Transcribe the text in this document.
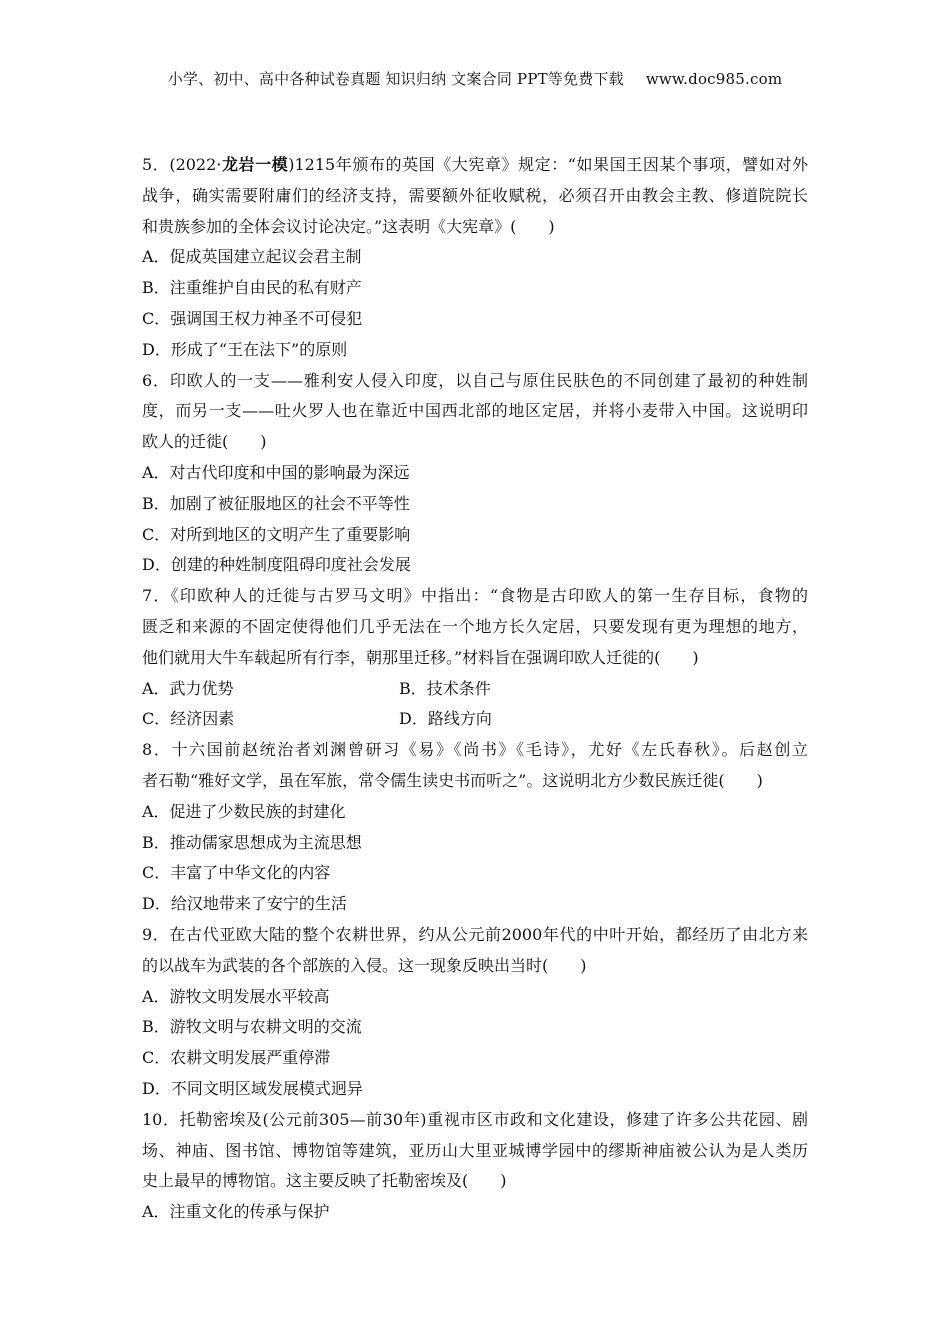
小学、初中、高中各种试卷真题 知识归纳 文案合同 PPT等免费下载 www.doc985.com
5．(2022·龙岩一模)1215年颁布的英国《大宪章》规定：“如果国王因某个事项，譬如对外
战争，确实需要附庸们的经济支持，需要额外征收赋税，必须召开由教会主教、修道院院长
和贵族参加的全体会议讨论决定。”这表明《大宪章》(　　)
A．促成英国建立起议会君主制
B．注重维护自由民的私有财产
C．强调国王权力神圣不可侵犯
D．形成了“王在法下”的原则
6．印欧人的一支——雅利安人侵入印度，以自己与原住民肤色的不同创建了最初的种姓制
度，而另一支——吐火罗人也在靠近中国西北部的地区定居，并将小麦带入中国。这说明印
欧人的迁徙(　　)
A．对古代印度和中国的影响最为深远
B．加剧了被征服地区的社会不平等性
C．对所到地区的文明产生了重要影响
D．创建的种姓制度阻碍印度社会发展
7．《印欧种人的迁徙与古罗马文明》中指出：“食物是古印欧人的第一生存目标，食物的
匮乏和来源的不固定使得他们几乎无法在一个地方长久定居，只要发现有更为理想的地方，
他们就用大牛车载起所有行李，朝那里迁移。”材料旨在强调印欧人迁徙的(　　)
A．武力优势	B．技术条件
C．经济因素	D．路线方向
8．十六国前赵统治者刘渊曾研习《易》《尚书》《毛诗》，尤好《左氏春秋》。后赵创立
者石勒“雅好文学，虽在军旅，常令儒生读史书而听之”。这说明北方少数民族迁徙(　　)
A．促进了少数民族的封建化
B．推动儒家思想成为主流思想
C．丰富了中华文化的内容
D．给汉地带来了安宁的生活
9．在古代亚欧大陆的整个农耕世界，约从公元前2000年代的中叶开始，都经历了由北方来
的以战车为武装的各个部族的入侵。这一现象反映出当时(　　)
A．游牧文明发展水平较高
B．游牧文明与农耕文明的交流
C．农耕文明发展严重停滞
D．不同文明区域发展模式迥异
10．托勒密埃及(公元前305—前30年)重视市区市政和文化建设，修建了许多公共花园、剧
场、神庙、图书馆、博物馆等建筑，亚历山大里亚城博学园中的缪斯神庙被公认为是人类历
史上最早的博物馆。这主要反映了托勒密埃及(　　)
A．注重文化的传承与保护
